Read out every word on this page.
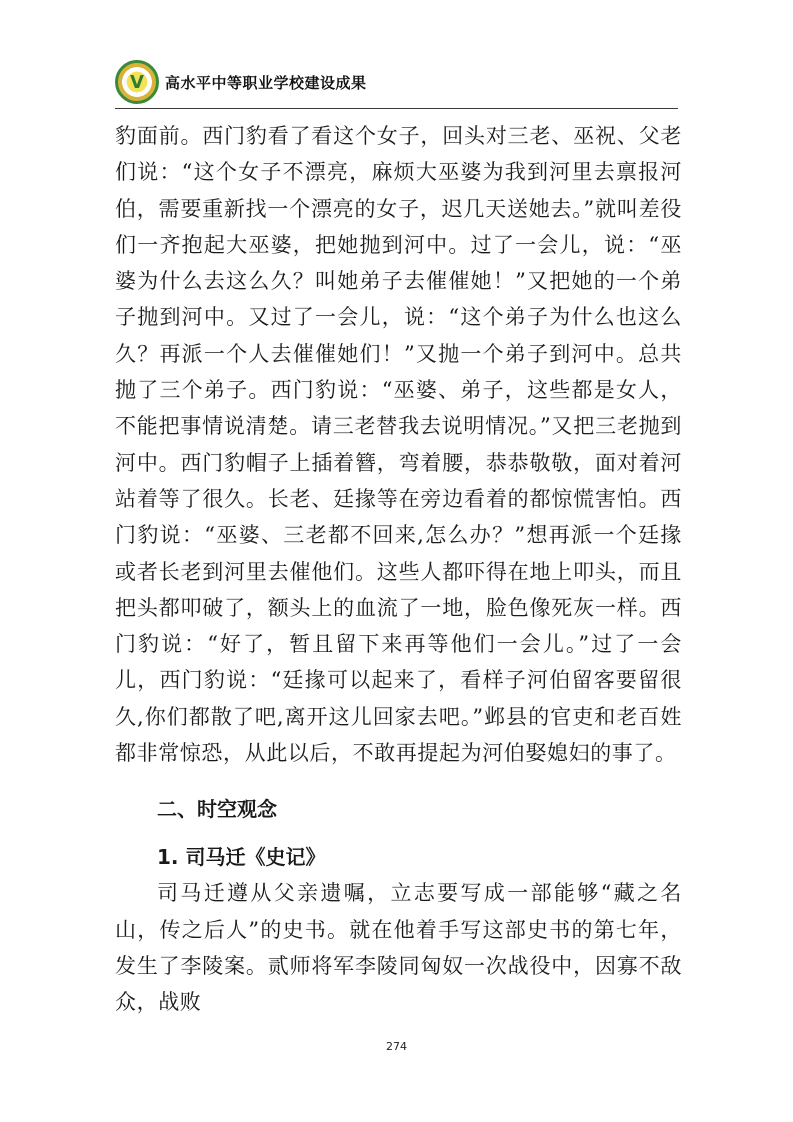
V 高水平中等职业学校建设成果

豹面前。西门豹看了看这个女子，回头对三老、巫祝、父老们说：“这个女子不漂亮，麻烦大巫婆为我到河里去禀报河伯，需要重新找一个漂亮的女子，迟几天送她去。”就叫差役们一齐抱起大巫婆，把她抛到河中。过了一会儿，说：“巫婆为什么去这么久？叫她弟子去催催她！”又把她的一个弟子抛到河中。又过了一会儿，说：“这个弟子为什么也这么久？再派一个人去催催她们！”又抛一个弟子到河中。总共抛了三个弟子。西门豹说：“巫婆、弟子，这些都是女人，不能把事情说清楚。请三老替我去说明情况。”又把三老抛到河中。西门豹帽子上插着簪，弯着腰，恭恭敬敬，面对着河站着等了很久。长老、廷掾等在旁边看着的都惊慌害怕。西门豹说：“巫婆、三老都不回来,怎么办？”想再派一个廷掾或者长老到河里去催他们。这些人都吓得在地上叩头，而且把头都叩破了，额头上的血流了一地，脸色像死灰一样。西门豹说：“好了，暂且留下来再等他们一会儿。”过了一会儿，西门豹说：“廷掾可以起来了，看样子河伯留客要留很久,你们都散了吧,离开这儿回家去吧。”邺县的官吏和老百姓都非常惊恐，从此以后，不敢再提起为河伯娶媳妇的事了。

二、时空观念
1. 司马迁《史记》

司马迁遵从父亲遗嘱，立志要写成一部能够“藏之名山，传之后人”的史书。就在他着手写这部史书的第七年，发生了李陵案。贰师将军李陵同匈奴一次战役中，因寡不敌众，战败

274
